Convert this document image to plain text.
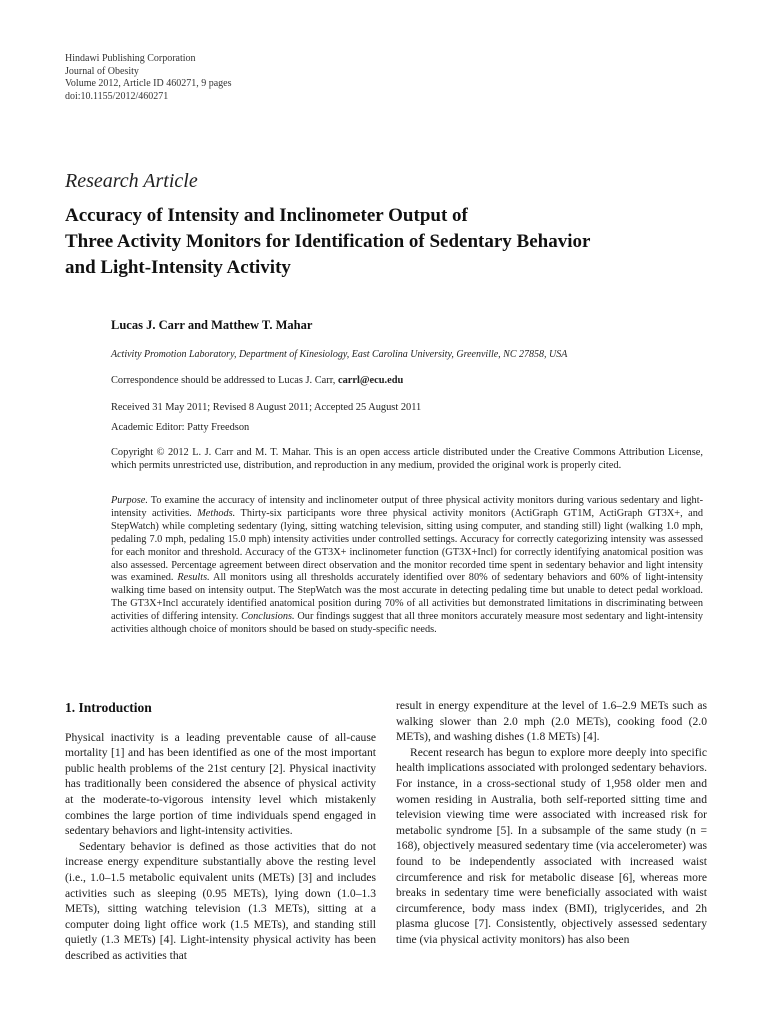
Hindawi Publishing Corporation
Journal of Obesity
Volume 2012, Article ID 460271, 9 pages
doi:10.1155/2012/460271
Research Article
Accuracy of Intensity and Inclinometer Output of
Three Activity Monitors for Identification of Sedentary Behavior
and Light-Intensity Activity
Lucas J. Carr and Matthew T. Mahar
Activity Promotion Laboratory, Department of Kinesiology, East Carolina University, Greenville, NC 27858, USA
Correspondence should be addressed to Lucas J. Carr, carrl@ecu.edu
Received 31 May 2011; Revised 8 August 2011; Accepted 25 August 2011
Academic Editor: Patty Freedson
Copyright © 2012 L. J. Carr and M. T. Mahar. This is an open access article distributed under the Creative Commons Attribution License, which permits unrestricted use, distribution, and reproduction in any medium, provided the original work is properly cited.
Purpose. To examine the accuracy of intensity and inclinometer output of three physical activity monitors during various sedentary and light-intensity activities. Methods. Thirty-six participants wore three physical activity monitors (ActiGraph GT1M, ActiGraph GT3X+, and StepWatch) while completing sedentary (lying, sitting watching television, sitting using computer, and standing still) light (walking 1.0 mph, pedaling 7.0 mph, pedaling 15.0 mph) intensity activities under controlled settings. Accuracy for correctly categorizing intensity was assessed for each monitor and threshold. Accuracy of the GT3X+ inclinometer function (GT3X+Incl) for correctly identifying anatomical position was also assessed. Percentage agreement between direct observation and the monitor recorded time spent in sedentary behavior and light intensity was examined. Results. All monitors using all thresholds accurately identified over 80% of sedentary behaviors and 60% of light-intensity walking time based on intensity output. The StepWatch was the most accurate in detecting pedaling time but unable to detect pedal workload. The GT3X+Incl accurately identified anatomical position during 70% of all activities but demonstrated limitations in discriminating between activities of differing intensity. Conclusions. Our findings suggest that all three monitors accurately measure most sedentary and light-intensity activities although choice of monitors should be based on study-specific needs.
1. Introduction

Physical inactivity is a leading preventable cause of all-cause mortality [1] and has been identified as one of the most important public health problems of the 21st century [2]. Physical inactivity has traditionally been considered the absence of physical activity at the moderate-to-vigorous intensity level which mistakenly combines the large portion of time individuals spend engaged in sedentary behaviors and light-intensity activities.

Sedentary behavior is defined as those activities that do not increase energy expenditure substantially above the resting level (i.e., 1.0–1.5 metabolic equivalent units (METs) [3] and includes activities such as sleeping (0.95 METs), lying down (1.0–1.3 METs), sitting watching television (1.3 METs), sitting at a computer doing light office work (1.5 METs), and standing still quietly (1.3 METs) [4]. Light-intensity physical activity has been described as activities that

result in energy expenditure at the level of 1.6–2.9 METs such as walking slower than 2.0 mph (2.0 METs), cooking food (2.0 METs), and washing dishes (1.8 METs) [4].

Recent research has begun to explore more deeply into specific health implications associated with prolonged sedentary behaviors. For instance, in a cross-sectional study of 1,958 older men and women residing in Australia, both self-reported sitting time and television viewing time were associated with increased risk for metabolic syndrome [5]. In a subsample of the same study (n = 168), objectively measured sedentary time (via accelerometer) was found to be independently associated with increased waist circumference and risk for metabolic disease [6], whereas more breaks in sedentary time were beneficially associated with waist circumference, body mass index (BMI), triglycerides, and 2h plasma glucose [7]. Consistently, objectively assessed sedentary time (via physical activity monitors) has also been
